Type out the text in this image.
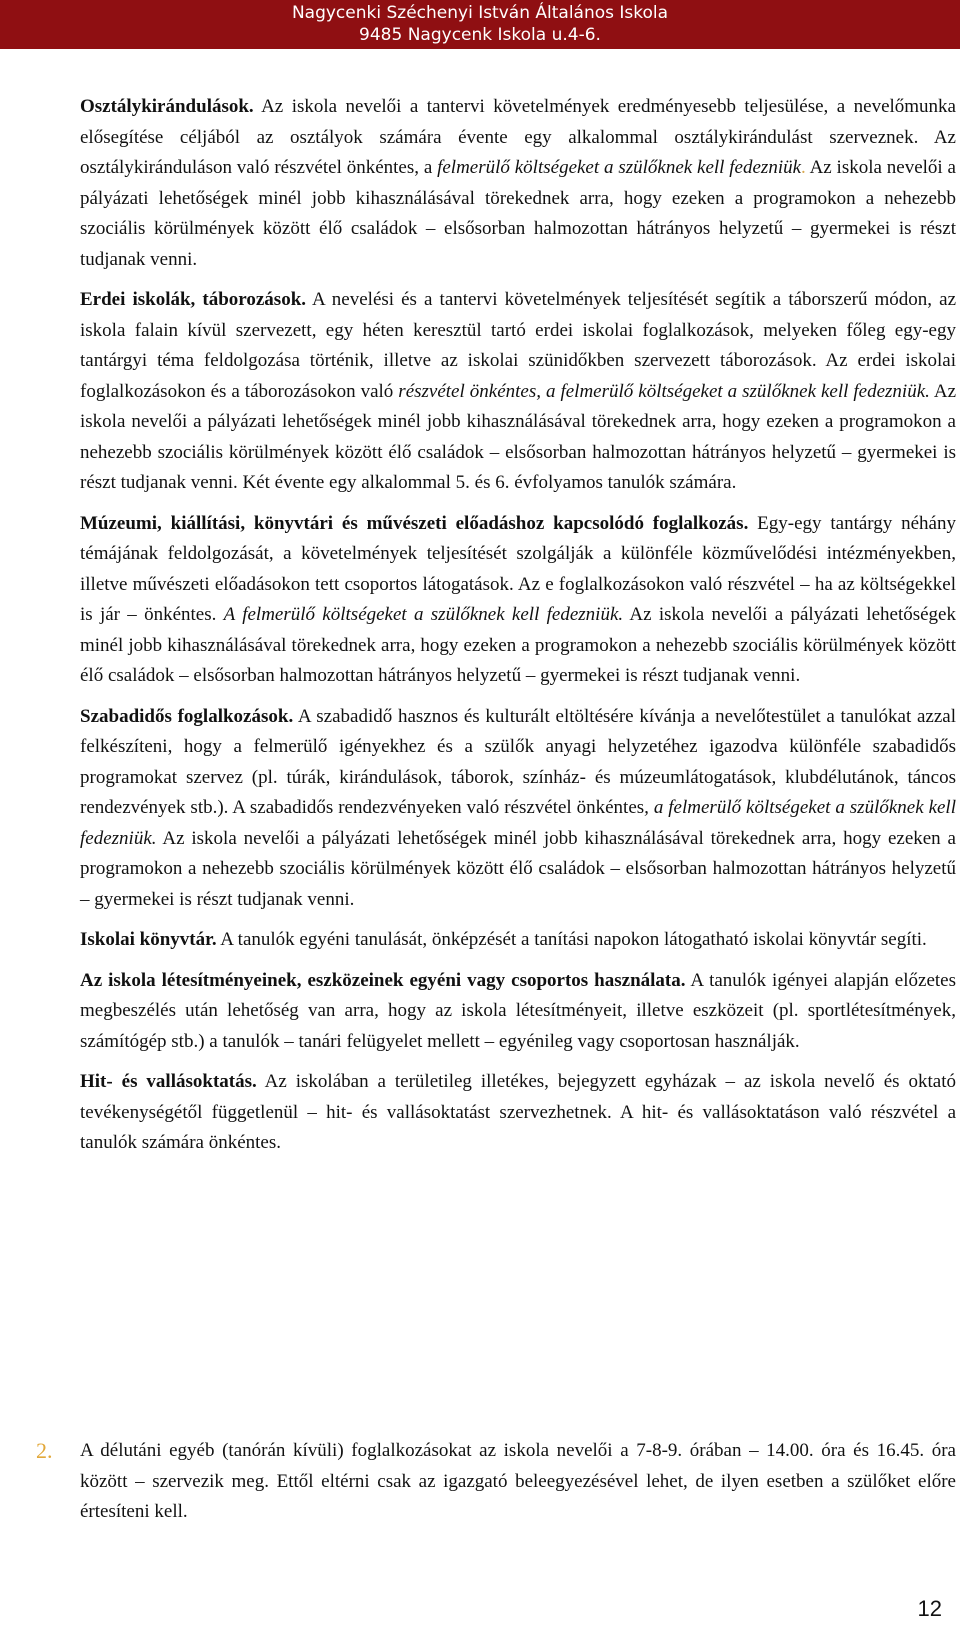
Nagycenki Széchenyi István Általános Iskola
9485 Nagycenk Iskola u.4-6.

Osztálykirándulások. Az iskola nevelői a tantervi követelmények eredményesebb teljesülése, a nevelőmunka elősegítése céljából az osztályok számára évente egy alkalommal osztálykirándulást szerveznek. Az osztálykiránduláson való részvétel önkéntes, a felmerülő költségeket a szülőknek kell fedezniük. Az iskola nevelői a pályázati lehetőségek minél jobb kihasználásával törekednek arra, hogy ezeken a programokon a nehezebb szociális körülmények között élő családok – elsősorban halmozottan hátrányos helyzetű – gyermekei is részt tudjanak venni.

Erdei iskolák, táborozások. A nevelési és a tantervi követelmények teljesítését segítik a táborszerű módon, az iskola falain kívül szervezett, egy héten keresztül tartó erdei iskolai foglalkozások, melyeken főleg egy-egy tantárgyi téma feldolgozása történik, illetve az iskolai szünidőkben szervezett táborozások. Az erdei iskolai foglalkozásokon és a táborozásokon való részvétel önkéntes, a felmerülő költségeket a szülőknek kell fedezniük. Az iskola nevelői a pályázati lehetőségek minél jobb kihasználásával törekednek arra, hogy ezeken a programokon a nehezebb szociális körülmények között élő családok – elsősorban halmozottan hátrányos helyzetű – gyermekei is részt tudjanak venni. Két évente egy alkalommal 5. és 6. évfolyamos tanulók számára.

Múzeumi, kiállítási, könyvtári és művészeti előadáshoz kapcsolódó foglalkozás. Egy-egy tantárgy néhány témájának feldolgozását, a követelmények teljesítését szolgálják a különféle közművelődési intézményekben, illetve művészeti előadásokon tett csoportos látogatások. Az e foglalkozásokon való részvétel – ha az költségekkel is jár – önkéntes. A felmerülő költségeket a szülőknek kell fedezniük. Az iskola nevelői a pályázati lehetőségek minél jobb kihasználásával törekednek arra, hogy ezeken a programokon a nehezebb szociális körülmények között élő családok – elsősorban halmozottan hátrányos helyzetű – gyermekei is részt tudjanak venni.

Szabadidős foglalkozások. A szabadidő hasznos és kulturált eltöltésére kívánja a nevelőtestület a tanulókat azzal felkészíteni, hogy a felmerülő igényekhez és a szülők anyagi helyzetéhez igazodva különféle szabadidős programokat szervez (pl. túrák, kirándulások, táborok, színház- és múzeumlátogatások, klubdélutánok, táncos rendezvények stb.). A szabadidős rendezvényeken való részvétel önkéntes, a felmerülő költségeket a szülőknek kell fedezniük. Az iskola nevelői a pályázati lehetőségek minél jobb kihasználásával törekednek arra, hogy ezeken a programokon a nehezebb szociális körülmények között élő családok – elsősorban halmozottan hátrányos helyzetű – gyermekei is részt tudjanak venni.

Iskolai könyvtár. A tanulók egyéni tanulását, önképzését a tanítási napokon látogatható iskolai könyvtár segíti.

Az iskola létesítményeinek, eszközeinek egyéni vagy csoportos használata. A tanulók igényei alapján előzetes megbeszélés után lehetőség van arra, hogy az iskola létesítményeit, illetve eszközeit (pl. sportlétesítmények, számítógép stb.) a tanulók – tanári felügyelet mellett – egyénileg vagy csoportosan használják.

Hit- és vallásoktatás. Az iskolában a területileg illetékes, bejegyzett egyházak – az iskola nevelő és oktató tevékenységétől függetlenül – hit- és vallásoktatást szervezhetnek. A hit- és vallásoktatáson való részvétel a tanulók számára önkéntes.

2. A délutáni egyéb (tanórán kívüli) foglalkozásokat az iskola nevelői a 7-8-9. órában – 14.00. óra és 16.45. óra között – szervezik meg. Ettől eltérni csak az igazgató beleegyezésével lehet, de ilyen esetben a szülőket előre értesíteni kell.
12
